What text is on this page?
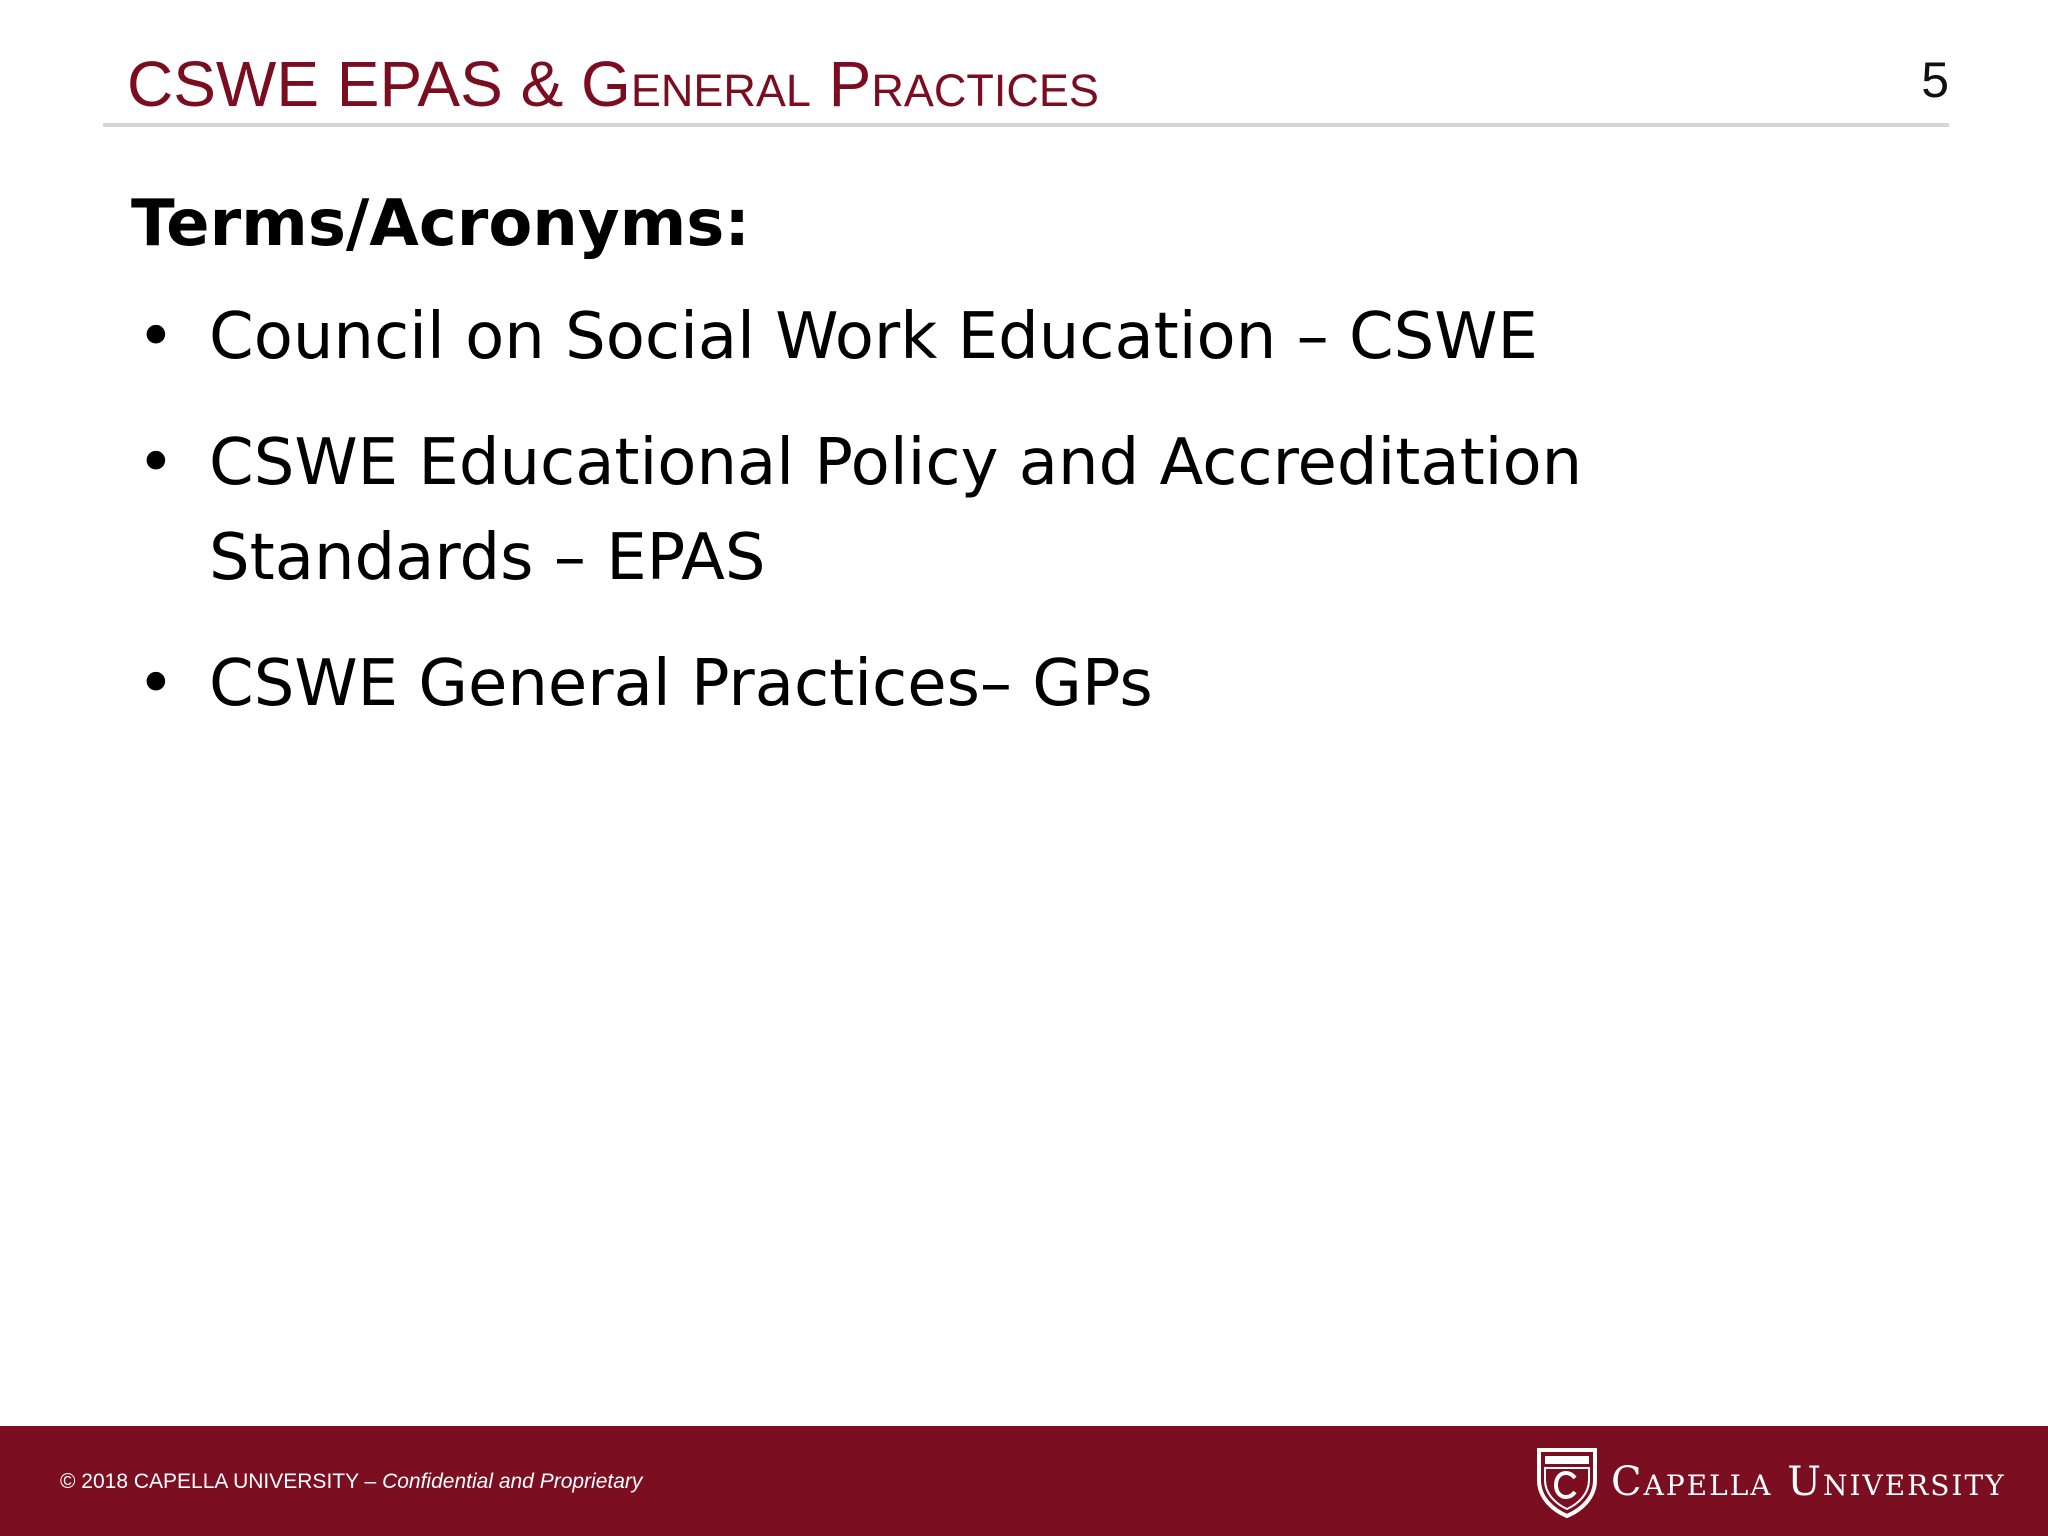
CSWE EPAS & General Practices	5
Terms/Acronyms:
• Council on Social Work Education – CSWE
• CSWE Educational Policy and Accreditation Standards – EPAS
• CSWE General Practices– GPs
© 2018 CAPELLA UNIVERSITY – Confidential and Proprietary	Capella University
